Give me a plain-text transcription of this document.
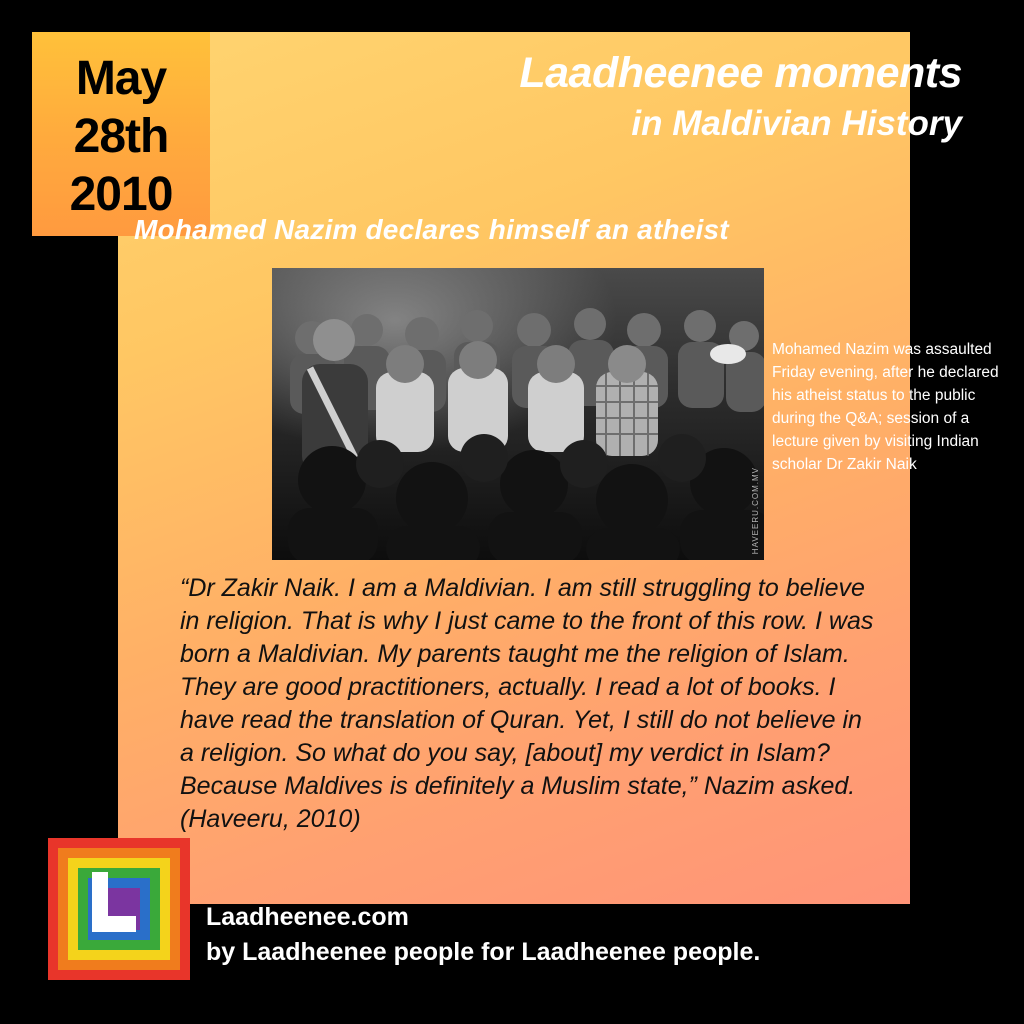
May
28th
2010
Laadheenee moments
in Maldivian History
Mohamed Nazim declares himself an atheist
HAVEERU.COM.MV
Mohamed Nazim was assaulted Friday evening, after he declared his atheist status to the public during the Q&A; session of a lecture given by visiting Indian scholar Dr Zakir Naik
“Dr Zakir Naik. I am a Maldivian. I am still struggling to believe in religion. That is why I just came to the front of this row. I was born a Maldivian. My parents taught me the religion of Islam. They are good practitioners, actually. I read a lot of books. I have read the translation of Quran. Yet, I still do not believe in a religion. So what do you say, [about] my verdict in Islam? Because Maldives is definitely a Muslim state,” Nazim asked. (Haveeru, 2010)
Laadheenee.com
by Laadheenee people for Laadheenee people.
